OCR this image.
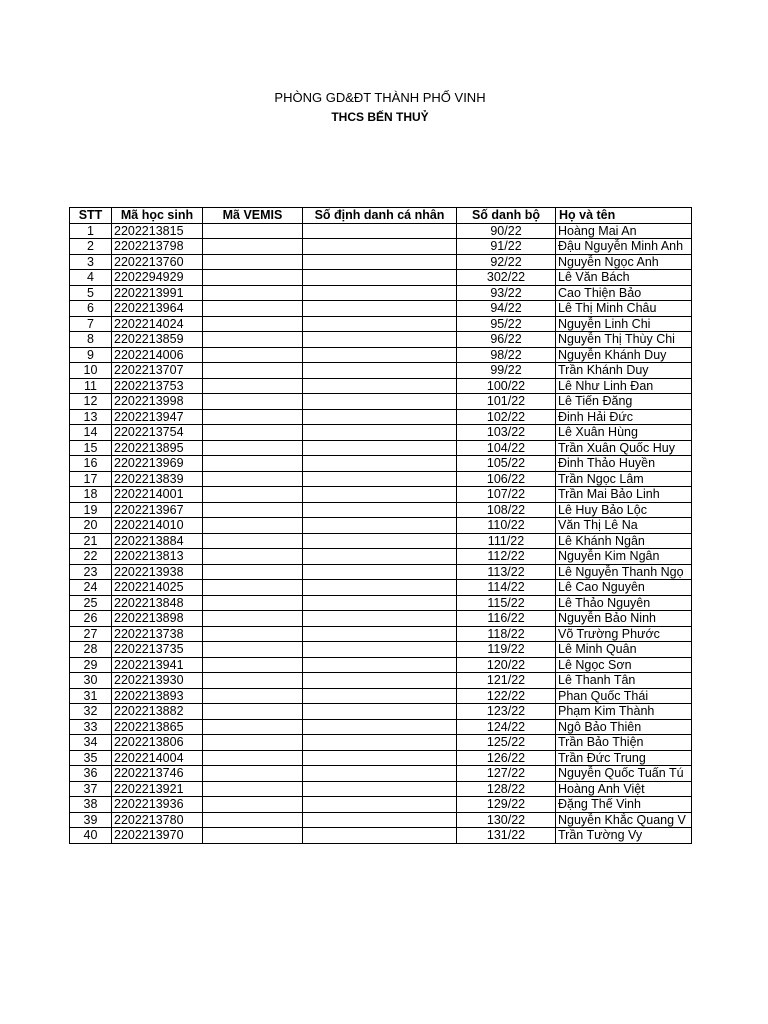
PHÒNG GD&ĐT THÀNH PHỐ VINH
THCS BẾN THUỶ
STT	Mã học sinh	Mã VEMIS	Số định danh cá nhân	Số danh bộ	Họ và tên
1	2202213815			90/22	Hoàng Mai An
2	2202213798			91/22	Đậu Nguyễn Minh Anh
3	2202213760			92/22	Nguyễn Ngọc Anh
4	2202294929			302/22	Lê Văn Bách
5	2202213991			93/22	Cao Thiện Bảo
6	2202213964			94/22	Lê Thị Minh Châu
7	2202214024			95/22	Nguyễn Linh Chi
8	2202213859			96/22	Nguyễn Thị Thùy Chi
9	2202214006			98/22	Nguyễn Khánh Duy
10	2202213707			99/22	Trần Khánh Duy
11	2202213753			100/22	Lê Như Linh Đan
12	2202213998			101/22	Lê Tiến Đăng
13	2202213947			102/22	Đinh Hải Đức
14	2202213754			103/22	Lê Xuân Hùng
15	2202213895			104/22	Trần Xuân Quốc Huy
16	2202213969			105/22	Đinh Thảo Huyền
17	2202213839			106/22	Trần Ngọc Lâm
18	2202214001			107/22	Trần Mai Bảo Linh
19	2202213967			108/22	Lê Huy Bảo Lộc
20	2202214010			110/22	Văn Thị Lê Na
21	2202213884			111/22	Lê Khánh Ngân
22	2202213813			112/22	Nguyễn Kim Ngân
23	2202213938			113/22	Lê Nguyễn Thanh Ngọ
24	2202214025			114/22	Lê Cao Nguyên
25	2202213848			115/22	Lê Thảo Nguyên
26	2202213898			116/22	Nguyễn Bảo Ninh
27	2202213738			118/22	Võ Trường Phước
28	2202213735			119/22	Lê Minh Quân
29	2202213941			120/22	Lê Ngọc Sơn
30	2202213930			121/22	Lê Thanh Tân
31	2202213893			122/22	Phan Quốc Thái
32	2202213882			123/22	Phạm Kim Thành
33	2202213865			124/22	Ngô Bảo Thiên
34	2202213806			125/22	Trần Bảo Thiện
35	2202214004			126/22	Trần Đức Trung
36	2202213746			127/22	Nguyễn Quốc Tuấn Tú
37	2202213921			128/22	Hoàng Anh Việt
38	2202213936			129/22	Đặng Thế Vinh
39	2202213780			130/22	Nguyễn Khắc Quang V
40	2202213970			131/22	Trần Tường Vy
